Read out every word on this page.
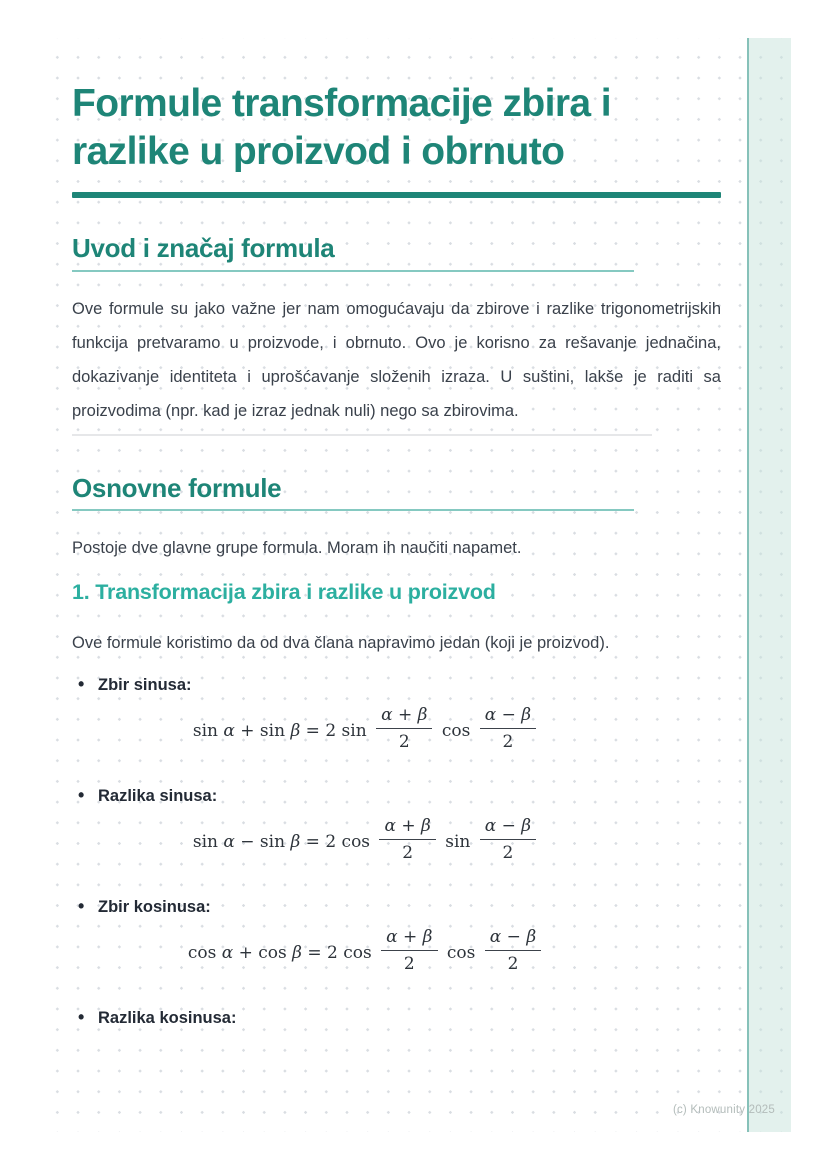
Formule transformacije zbira i
razlike u proizvod i obrnuto
Uvod i značaj formula

Ove formule su jako važne jer nam omogućavaju da zbirove i razlike trigonometrijskih funkcija pretvaramo u proizvode, i obrnuto. Ovo je korisno za rešavanje jednačina, dokazivanje identiteta i uprošćavanje složenih izraza. U suštini, lakše je raditi sa proizvodima (npr. kad je izraz jednak nuli) nego sa zbirovima.

Osnovne formule

Postoje dve glavne grupe formula. Moram ih naučiti napamet.

1. Transformacija zbira i razlike u proizvod

Ove formule koristimo da od dva člana napravimo jedan (koji je proizvod).

• Zbir sinusa:
sin α + sin β = 2 $\sin \frac{\alpha + \beta}{2}$ $\cos \frac{\alpha - \beta}{2}$
• Razlika sinusa:
sin α − sin β = 2 $\cos \frac{\alpha + \beta}{2}$ $\sin \frac{\alpha - \beta}{2}$
• Zbir kosinusa:
cos α + cos β = 2 $\cos \frac{\alpha + \beta}{2}$ $\cos \frac{\alpha - \beta}{2}$
• Razlika kosinusa:
(c) Knowunity 2025
